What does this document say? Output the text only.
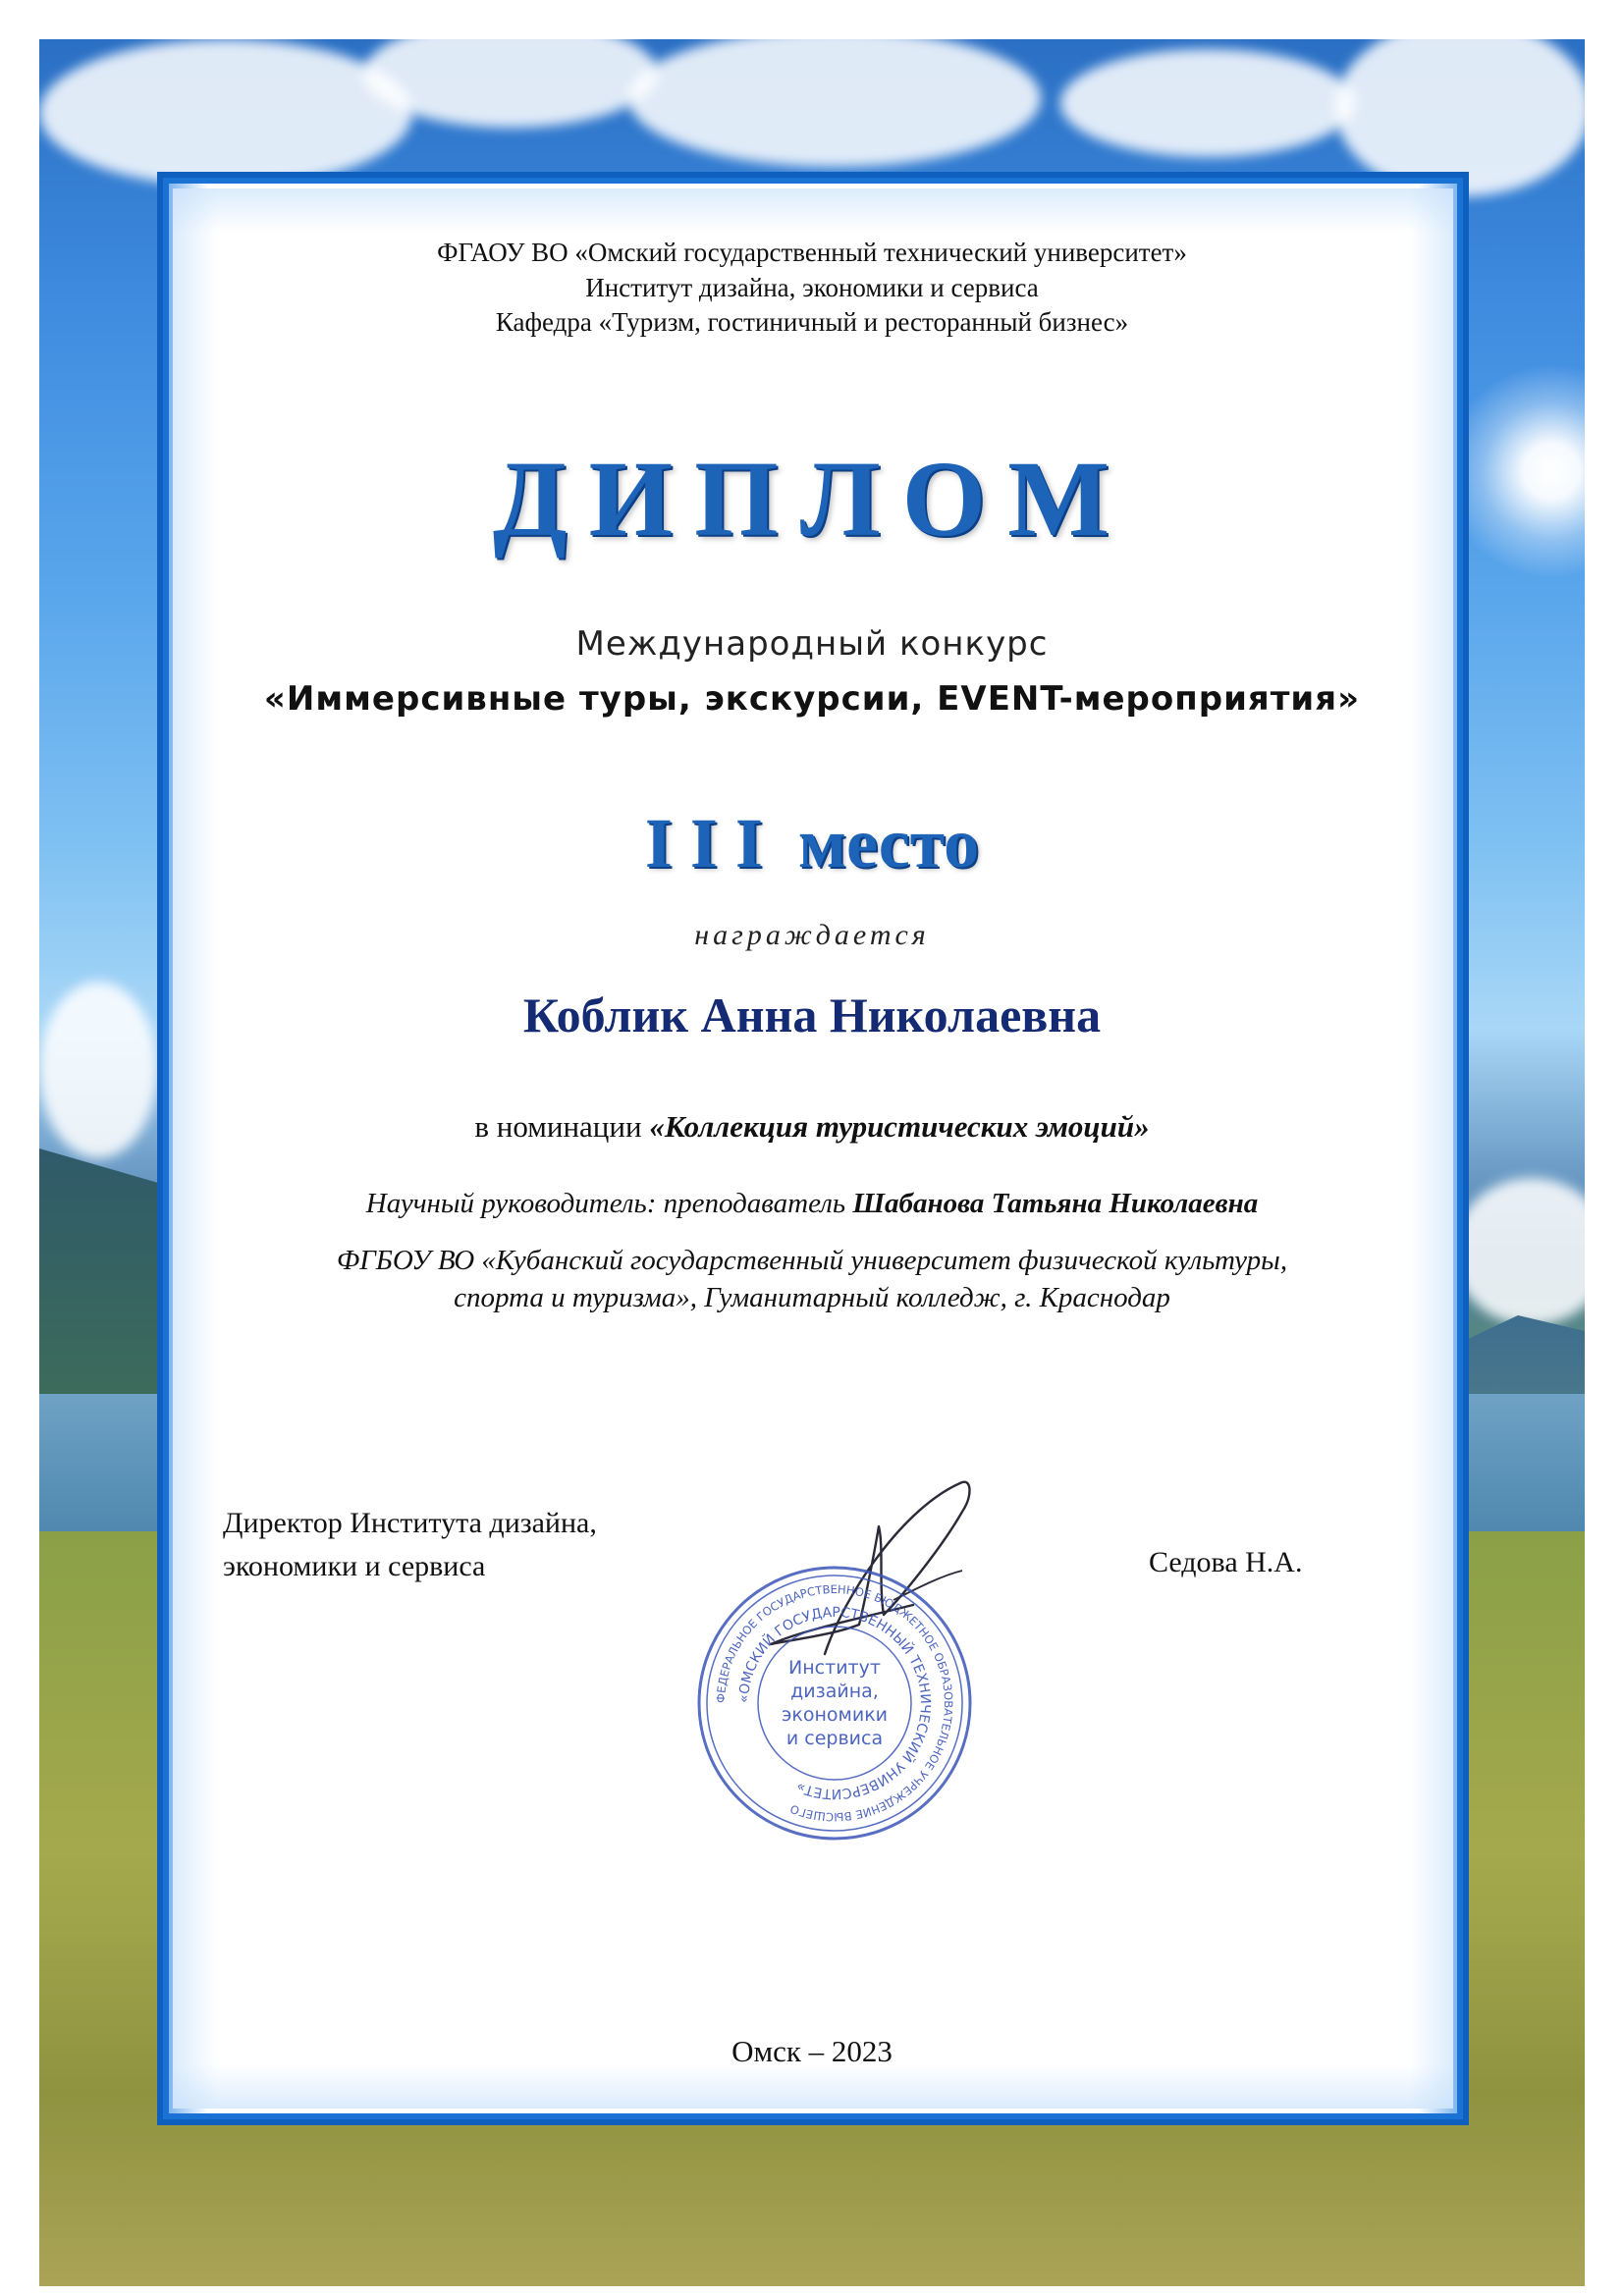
ФГАОУ ВО «Омский государственный технический университет»
Институт дизайна, экономики и сервиса
Кафедра «Туризм, гостиничный и ресторанный бизнес»
ДИПЛОМ
Международный конкурс
«Иммерсивные туры, экскурсии, EVENT-мероприятия»
I I I  место
награждается
Коблик Анна Николаевна
в номинации «Коллекция туристических эмоций»
Научный руководитель: преподаватель Шабанова Татьяна Николаевна
ФГБОУ ВО «Кубанский государственный университет физической культуры,
спорта и туризма», Гуманитарный колледж, г. Краснодар
Директор Института дизайна,
экономики и сервиса	Седова Н.А.
ФЕДЕРАЛЬНОЕ ГОСУДАРСТВЕННОЕ БЮДЖЕТНОЕ ОБРАЗОВАТЕЛЬНОЕ УЧРЕЖДЕНИЕ ВЫСШЕГО
«ОМСКИЙ ГОСУДАРСТВЕННЫЙ ТЕХНИЧЕСКИЙ УНИВЕРСИТЕТ»
Институт
дизайна,
экономики
и сервиса
Омск – 2023
